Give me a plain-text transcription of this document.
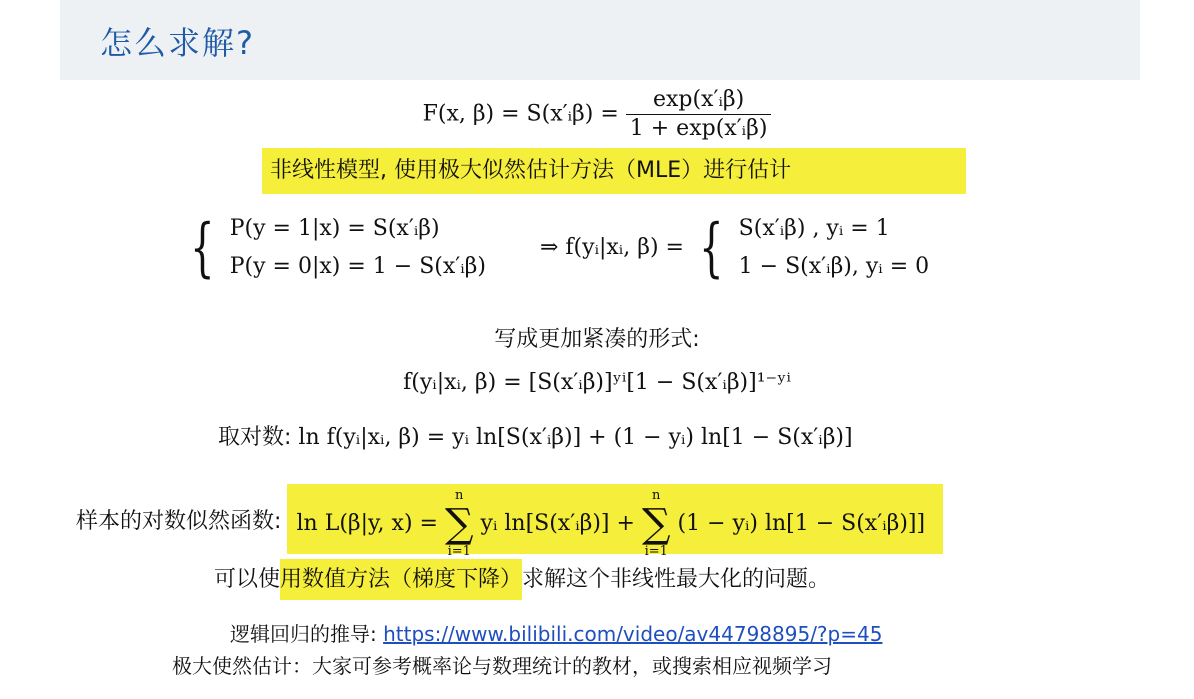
怎么求解?
F(x, β) = S(x′ᵢβ) = $\frac{\text{exp(x′ᵢβ)}}{\text{1 + exp(x′ᵢβ)}}$
非线性模型, 使用极大似然估计方法（MLE）进行估计
{ P(y = 1|x) = S(x′ᵢβ)
P(y = 0|x) = 1 − S(x′ᵢβ)
⇒ f(yᵢ|xᵢ, β) = { S(x′ᵢβ) , yᵢ = 1
1 − S(x′ᵢβ), yᵢ = 0
写成更加紧凑的形式:
f(yᵢ|xᵢ, β) = [S(x′ᵢβ)]ʸⁱ[1 − S(x′ᵢβ)]¹⁻ʸⁱ
取对数: ln f(yᵢ|xᵢ, β) = yᵢ ln[S(x′ᵢβ)] + (1 − yᵢ) ln[1 − S(x′ᵢβ)]
样本的对数似然函数: ln L(β|y, x) =
n
∑
i=1
yᵢ ln[S(x′ᵢβ)] +
n
∑
i=1
(1 − yᵢ) ln[1 − S(x′ᵢβ)]]
可以使用数值方法（梯度下降）求解这个非线性最大化的问题。
逻辑回归的推导: https://www.bilibili.com/video/av44798895/?p=45
极大使然估计：大家可参考概率论与数理统计的教材，或搜索相应视频学习
